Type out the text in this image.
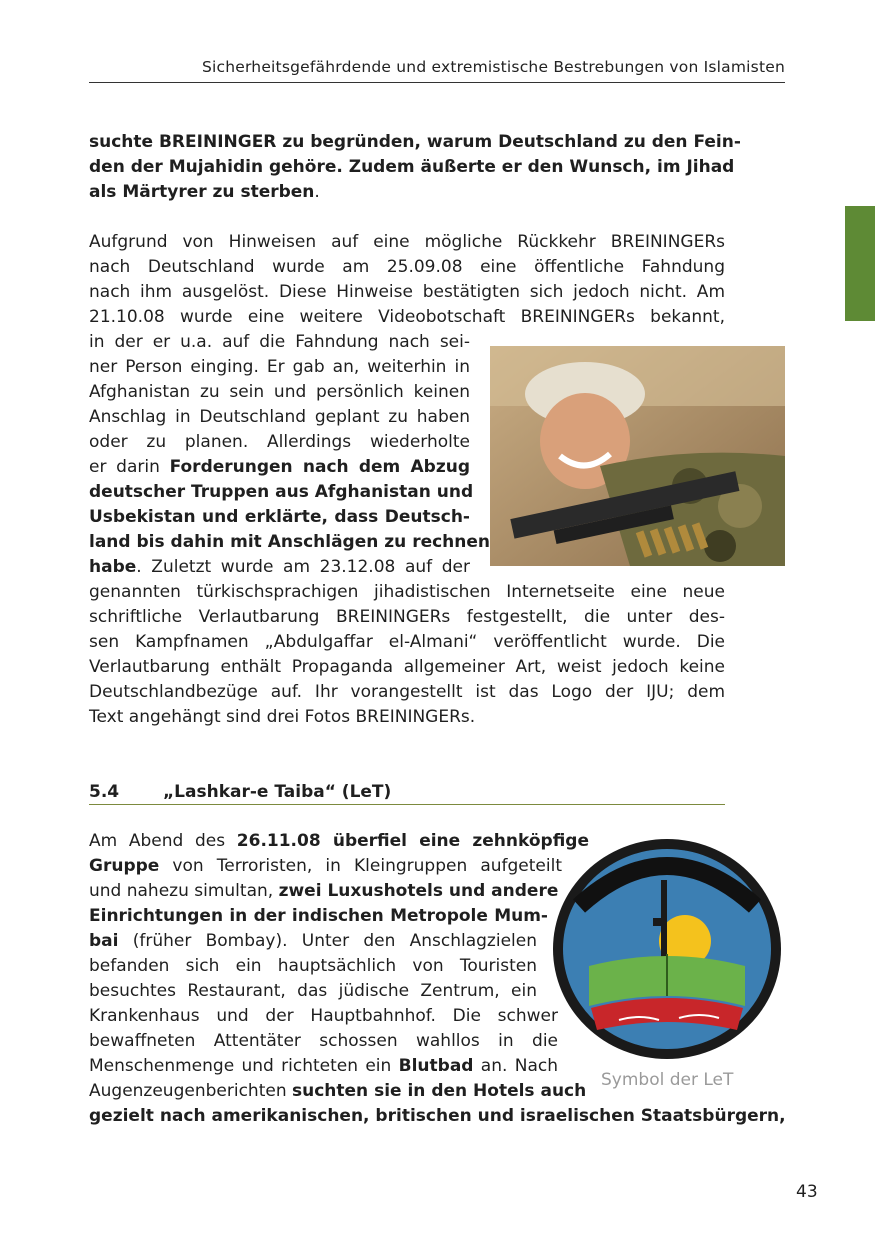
Sicherheitsgefährdende und extremistische Bestrebungen von Islamisten
suchte BREININGER zu begründen, warum Deutschland zu den Fein-
den der Mujahidin gehöre. Zudem äußerte er den Wunsch, im Jihad
als Märtyrer zu sterben.
Aufgrund von Hinweisen auf eine mögliche Rückkehr BREININGERs
nach Deutschland wurde am 25.09.08 eine öffentliche Fahndung
nach ihm ausgelöst. Diese Hinweise bestätigten sich jedoch nicht. Am
21.10.08 wurde eine weitere Videobotschaft BREININGERs bekannt,
in der er u.a. auf die Fahndung nach sei-
ner Person einging. Er gab an, weiterhin in
Afghanistan zu sein und persönlich keinen
Anschlag in Deutschland geplant zu haben
oder zu planen. Allerdings wiederholte
er darin Forderungen nach dem Abzug
deutscher Truppen aus Afghanistan und
Usbekistan und erklärte, dass Deutsch-
land bis dahin mit Anschlägen zu rechnen
habe. Zuletzt wurde am 23.12.08 auf der
genannten türkischsprachigen jihadistischen Internetseite eine neue
schriftliche Verlautbarung BREININGERs festgestellt, die unter des-
sen Kampfnamen „Abdulgaffar el-Almani“ veröffentlicht wurde. Die
Verlautbarung enthält Propaganda allgemeiner Art, weist jedoch keine
Deutschlandbezüge auf. Ihr vorangestellt ist das Logo der IJU; dem
Text angehängt sind drei Fotos BREININGERs.
5.4	„Lashkar-e Taiba“ (LeT)
Am Abend des 26.11.08 überfiel eine zehnköpfige
Gruppe von Terroristen, in Kleingruppen aufgeteilt
und nahezu simultan, zwei Luxushotels und andere
Einrichtungen in der indischen Metropole Mum-
bai (früher Bombay). Unter den Anschlagzielen
befanden sich ein hauptsächlich von Touristen
besuchtes Restaurant, das jüdische Zentrum, ein
Krankenhaus und der Hauptbahnhof. Die schwer
bewaffneten Attentäter schossen wahllos in die
Menschenmenge und richteten ein Blutbad an. Nach
Augenzeugenberichten suchten sie in den Hotels auch
gezielt nach amerikanischen, britischen und israelischen Staatsbürgern,
Symbol der LeT
43
